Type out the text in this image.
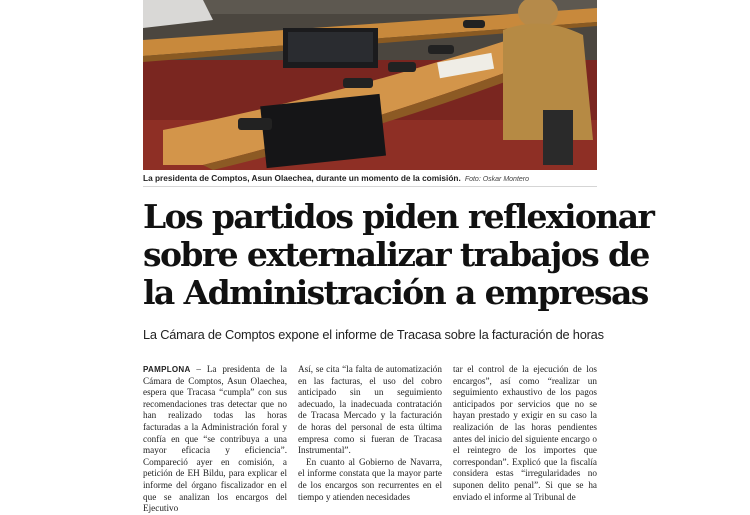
La presidenta de Comptos, Asun Olaechea, durante un momento de la comisión. Foto: Oskar Montero
Los partidos piden reflexionar
sobre externalizar trabajos de
la Administración a empresas
La Cámara de Comptos expone el informe de Tracasa sobre la facturación de horas

PAMPLONA – La presidenta de la Cámara de Comptos, Asun Olaechea, espera que Tracasa “cumpla” con sus recomendaciones tras detectar que no han realizado todas las horas facturadas a la Administración foral y confía en que “se contribuya a una mayor eficacia y eficiencia”. Compareció ayer en comisión, a petición de EH Bildu, para explicar el informe del órgano fiscalizador en el que se analizan los encargos del Ejecutivo

Así, se cita “la falta de automatización en las facturas, el uso del cobro anticipado sin un seguimiento adecuado, la inadecuada contratación de Tracasa Mercado y la facturación de horas del personal de esta última empresa como si fueran de Tracasa Instrumental”.

En cuanto al Gobierno de Navarra, el informe constata que la mayor parte de los encargos son recurrentes en el tiempo y atienden necesidades

tar el control de la ejecución de los encargos”, así como “realizar un seguimiento exhaustivo de los pagos anticipados por servicios que no se hayan prestado y exigir en su caso la realización de las horas pendientes antes del inicio del siguiente encargo o el reintegro de los importes que correspondan”. Explicó que la fiscalía considera estas “irregularidades no suponen delito penal”. Si que se ha enviado el informe al Tribunal de
